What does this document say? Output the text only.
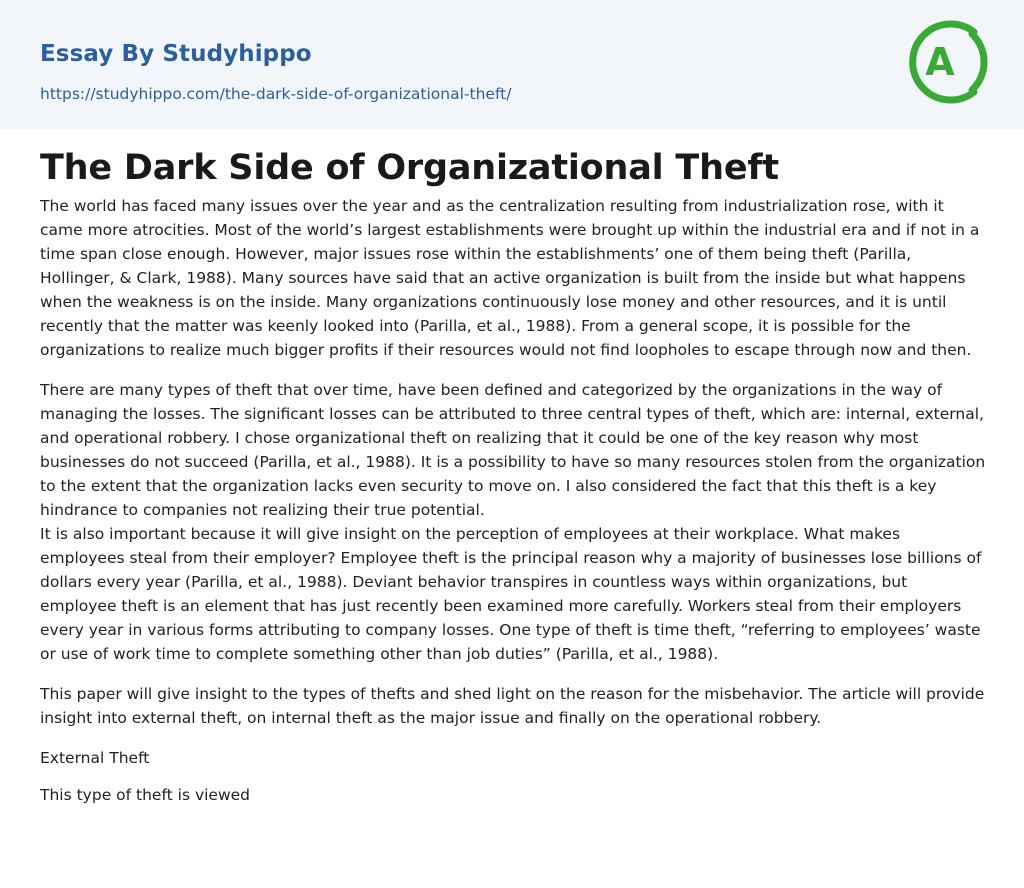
Essay By Studyhippo
https://studyhippo.com/the-dark-side-of-organizational-theft/
A
The Dark Side of Organizational Theft

The world has faced many issues over the year and as the centralization resulting from industrialization rose, with it came more atrocities. Most of the world’s largest establishments were brought up within the industrial era and if not in a time span close enough. However, major issues rose within the establishments’ one of them being theft (Parilla, Hollinger, & Clark, 1988). Many sources have said that an active organization is built from the inside but what happens when the weakness is on the inside. Many organizations continuously lose money and other resources, and it is until recently that the matter was keenly looked into (Parilla, et al., 1988). From a general scope, it is possible for the organizations to realize much bigger profits if their resources would not find loopholes to escape through now and then.

There are many types of theft that over time, have been defined and categorized by the organizations in the way of managing the losses. The significant losses can be attributed to three central types of theft, which are: internal, external, and operational robbery. I chose organizational theft on realizing that it could be one of the key reason why most businesses do not succeed (Parilla, et al., 1988). It is a possibility to have so many resources stolen from the organization to the extent that the organization lacks even security to move on. I also considered the fact that this theft is a key hindrance to companies not realizing their true potential.

It is also important because it will give insight on the perception of employees at their workplace. What makes employees steal from their employer? Employee theft is the principal reason why a majority of businesses lose billions of dollars every year (Parilla, et al., 1988). Deviant behavior transpires in countless ways within organizations, but employee theft is an element that has just recently been examined more carefully. Workers steal from their employers every year in various forms attributing to company losses. One type of theft is time theft, “referring to employees’ waste or use of work time to complete something other than job duties” (Parilla, et al., 1988).

This paper will give insight to the types of thefts and shed light on the reason for the misbehavior. The article will provide insight into external theft, on internal theft as the major issue and finally on the operational robbery.

External Theft

This type of theft is viewed
